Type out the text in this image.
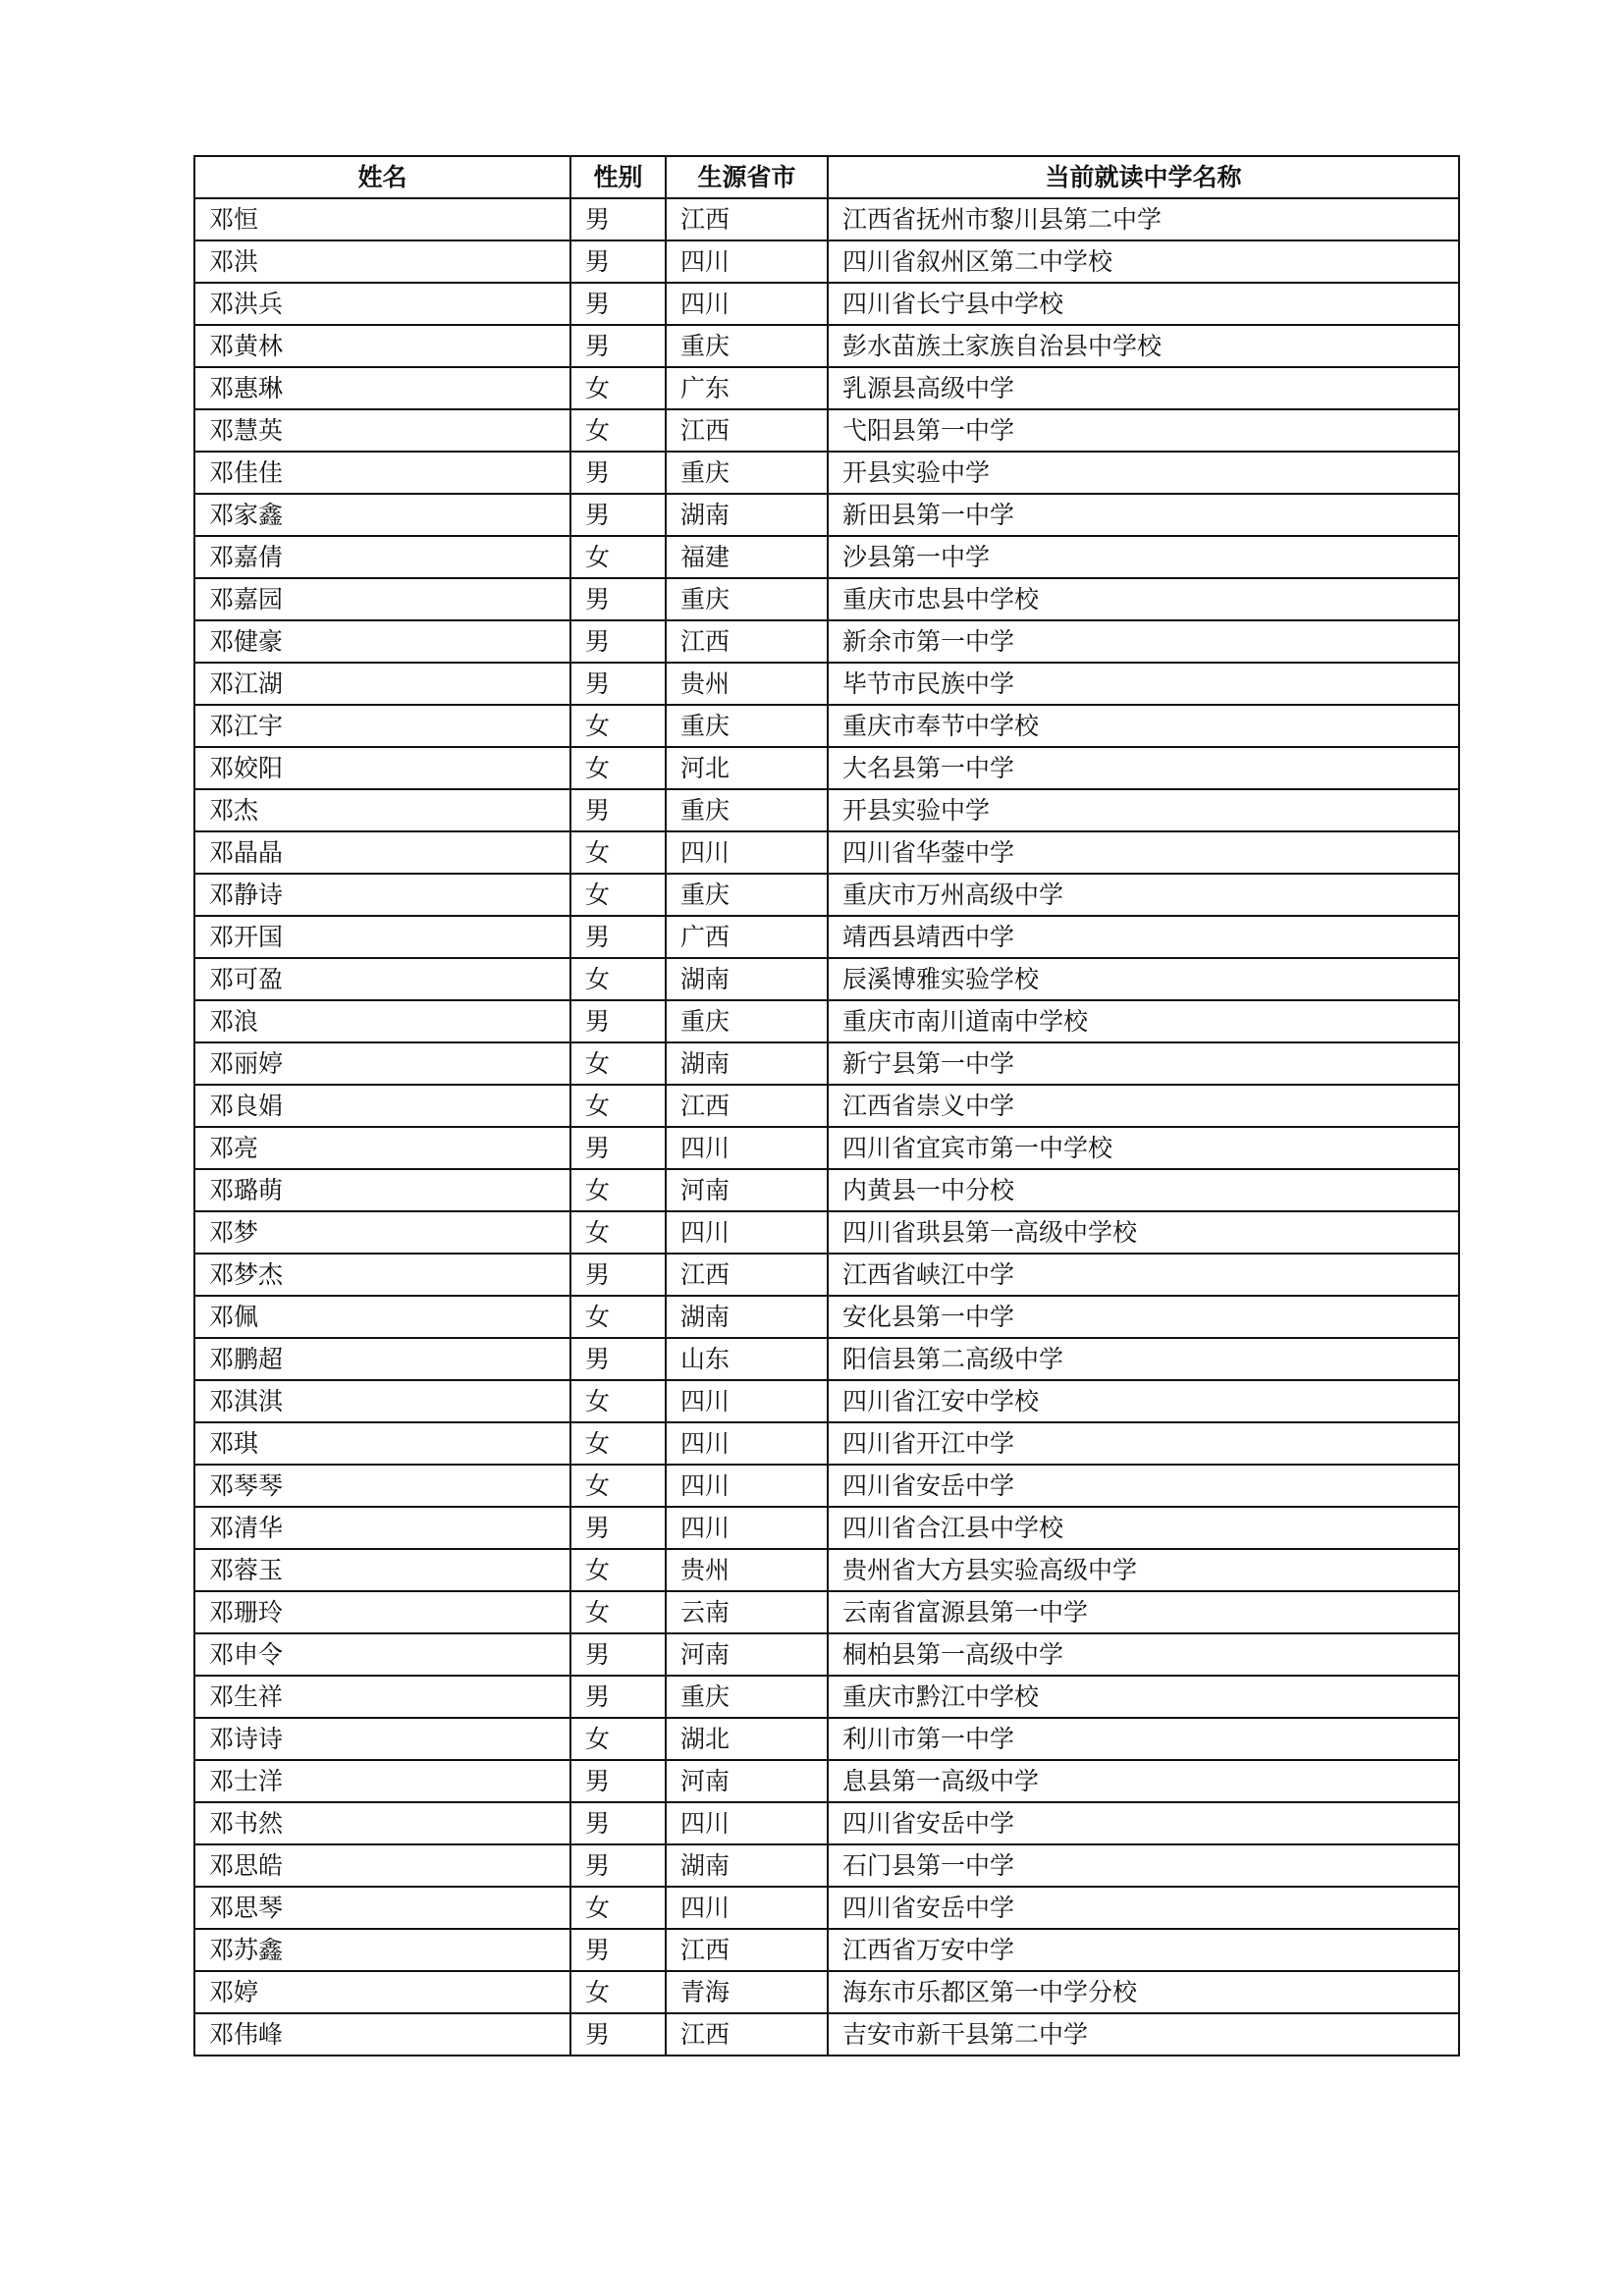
姓名	性别	生源省市	当前就读中学名称
邓恒	男	江西	江西省抚州市黎川县第二中学
邓洪	男	四川	四川省叙州区第二中学校
邓洪兵	男	四川	四川省长宁县中学校
邓黄林	男	重庆	彭水苗族土家族自治县中学校
邓惠琳	女	广东	乳源县高级中学
邓慧英	女	江西	弋阳县第一中学
邓佳佳	男	重庆	开县实验中学
邓家鑫	男	湖南	新田县第一中学
邓嘉倩	女	福建	沙县第一中学
邓嘉园	男	重庆	重庆市忠县中学校
邓健豪	男	江西	新余市第一中学
邓江湖	男	贵州	毕节市民族中学
邓江宇	女	重庆	重庆市奉节中学校
邓姣阳	女	河北	大名县第一中学
邓杰	男	重庆	开县实验中学
邓晶晶	女	四川	四川省华蓥中学
邓静诗	女	重庆	重庆市万州高级中学
邓开国	男	广西	靖西县靖西中学
邓可盈	女	湖南	辰溪博雅实验学校
邓浪	男	重庆	重庆市南川道南中学校
邓丽婷	女	湖南	新宁县第一中学
邓良娟	女	江西	江西省崇义中学
邓亮	男	四川	四川省宜宾市第一中学校
邓璐萌	女	河南	内黄县一中分校
邓梦	女	四川	四川省珙县第一高级中学校
邓梦杰	男	江西	江西省峡江中学
邓佩	女	湖南	安化县第一中学
邓鹏超	男	山东	阳信县第二高级中学
邓淇淇	女	四川	四川省江安中学校
邓琪	女	四川	四川省开江中学
邓琴琴	女	四川	四川省安岳中学
邓清华	男	四川	四川省合江县中学校
邓蓉玉	女	贵州	贵州省大方县实验高级中学
邓珊玲	女	云南	云南省富源县第一中学
邓申令	男	河南	桐柏县第一高级中学
邓生祥	男	重庆	重庆市黔江中学校
邓诗诗	女	湖北	利川市第一中学
邓士洋	男	河南	息县第一高级中学
邓书然	男	四川	四川省安岳中学
邓思皓	男	湖南	石门县第一中学
邓思琴	女	四川	四川省安岳中学
邓苏鑫	男	江西	江西省万安中学
邓婷	女	青海	海东市乐都区第一中学分校
邓伟峰	男	江西	吉安市新干县第二中学
